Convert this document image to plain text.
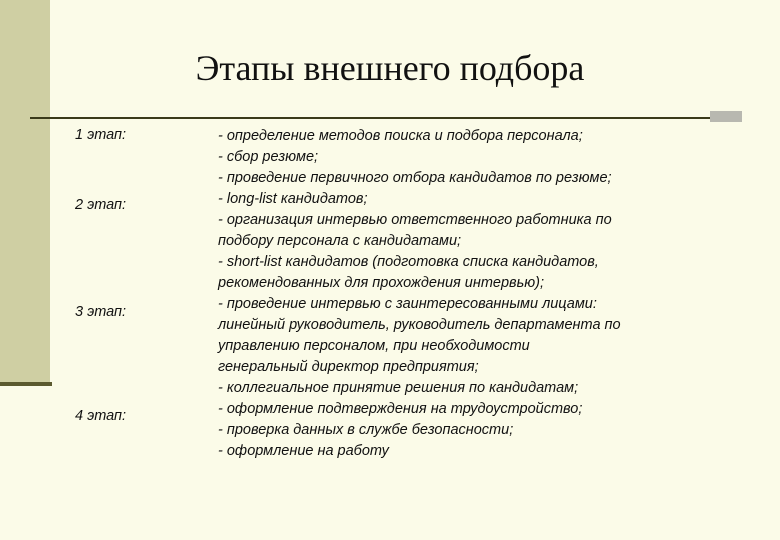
Этапы внешнего подбора
1 этап:
2 этап:
3 этап:
4 этап:
- определение методов поиска и подбора персонала;
- сбор резюме;
- проведение первичного отбора кандидатов по резюме;
- long-list кандидатов;
- организация интервью ответственного работника по
подбору персонала с кандидатами;
- short-list кандидатов (подготовка списка кандидатов,
рекомендованных для прохождения интервью);
- проведение интервью с заинтересованными лицами:
линейный руководитель, руководитель департамента по
управлению персоналом, при необходимости
генеральный директор предприятия;
- коллегиальное принятие решения по кандидатам;
- оформление подтверждения на трудоустройство;
- проверка данных в службе безопасности;
- оформление на работу
